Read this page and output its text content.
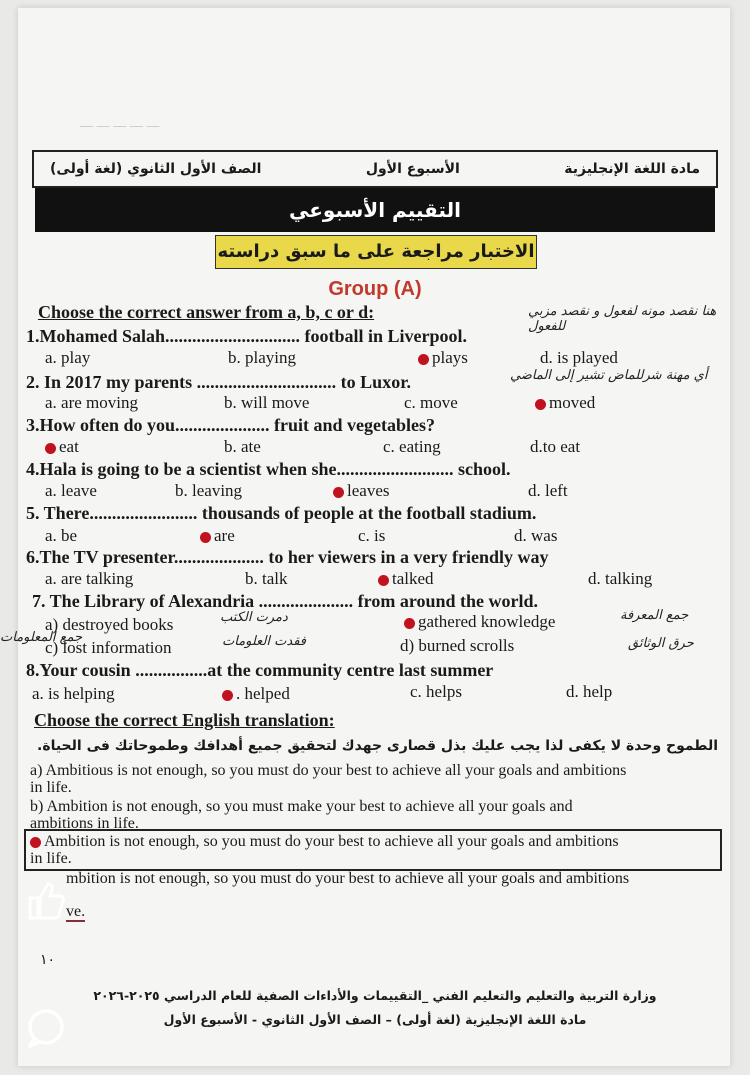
— — — — —
مادة اللغة الإنجليزية
الأسبوع الأول
الصف الأول الثانوي (لغة أولى)
التقييم الأسبوعي
الاختبار مراجعة على ما سبق دراسته
Group (A)
Choose the correct answer from a, b, c or d:
1.Mohamed Salah.............................. football in Liverpool.
a. play	b. playing	plays	d. is played
2. In 2017 my parents ............................... to Luxor.
a. are moving	b. will move	c. move	moved
3.How often do you..................... fruit and vegetables?
eat	b. ate	c. eating	d.to eat
4.Hala is going to be a scientist when she.......................... school.
a. leave	b. leaving	leaves	d. left
5. There........................ thousands of people at the football stadium.
a. be	are	c. is	d. was
6.The TV presenter.................... to her viewers in a very friendly way
a. are talking	b. talk	talked	d. talking
7. The Library of Alexandria ..................... from around the world.
a) destroyed books	gathered knowledge
c) lost information	d) burned scrolls
8.Your cousin ................at the community centre last summer
a. is helping	. helped	c. helps	d. help
Choose the correct English translation:
الطموح وحدة لا يكفى لذا يجب عليك بذل قصارى جهدك لتحقيق جميع أهدافك وطموحاتك فى الحياة.
a) Ambitious is not enough, so you must do your best to achieve all your goals and ambitions
in life.
b) Ambition is not enough, so you must make your best to achieve all your goals and
ambitions in life.
Ambition is not enough, so you must do your best to achieve all your goals and ambitions
in life.
mbition is not enough, so you must do your best to achieve all your goals and ambitions
ve.
هنا نقصد مونه لفعول و نقصد مزبي للفعول
أي مهنة شرللماض تشير إلى الماضي
جمع المعرفة
دمرت الكتب
فقدت العلومات	حرق الوثائق
جمع المعلومات
١٠
وزارة التربية والتعليم والتعليم الفني _التقييمات والأداءات الصفية للعام الدراسي ٢٠٢٥-٢٠٢٦
مادة اللغة الإنجليزية (لغة أولى) – الصف الأول الثانوي - الأسبوع الأول
